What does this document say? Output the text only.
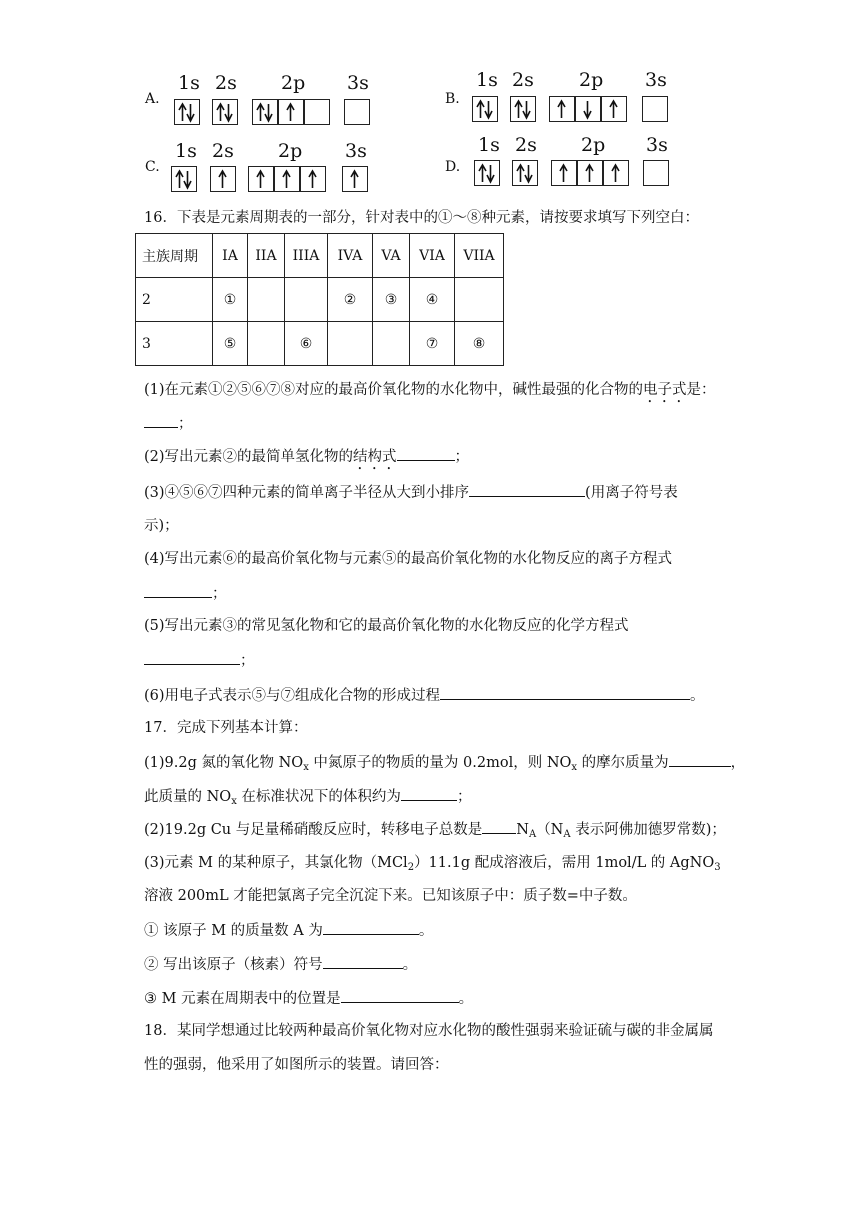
A.
1s 2s 2p 3s
B.
1s 2s 2p 3s
C.
1s 2s 2p 3s
D.
1s 2s 2p 3s
16．下表是元素周期表的一部分，针对表中的①～⑧种元素，请按要求填写下列空白：
主族周期	IA	IIA	IIIA	IVA	VA	VIA	VIIA
2	①			②	③	④	
3	⑤		⑥			⑦	⑧
(1)在元素①②⑤⑥⑦⑧对应的最高价氧化物的水化物中，碱性最强的化合物的电子式是：
；
(2)写出元素②的最简单氢化物的结构式	；
(3)④⑤⑥⑦四种元素的简单离子半径从大到小排序	(用离子符号表
示)；
(4)写出元素⑥的最高价氧化物与元素⑤的最高价氧化物的水化物反应的离子方程式
；
(5)写出元素③的常见氢化物和它的最高价氧化物的水化物反应的化学方程式
；
(6)用电子式表示⑤与⑦组成化合物的形成过程	。
17．完成下列基本计算：
(1)9.2g 氮的氧化物 $NO_x$ 中氮原子的物质的量为 0.2mol，则 $NO_x$ 的摩尔质量为	，
此质量的 $NO_x$ 在标准状况下的体积约为	；
(2)19.2g Cu 与足量稀硝酸反应时，转移电子总数是 $N_A(N_A$ 表示阿佛加德罗常数)；
(3)元素 M 的某种原子，其氯化物（MCl$_2$）11.1g 配成溶液后，需用 1mol/L 的 AgNO$_3$
溶液 200mL 才能把氯离子完全沉淀下来。已知该原子中：质子数=中子数。
① 该原子 M 的质量数 A 为	。
② 写出该原子（核素）符号	。
③ M 元素在周期表中的位置是	。
18．某同学想通过比较两种最高价氧化物对应水化物的酸性强弱来验证硫与碳的非金属属
性的强弱，他采用了如图所示的装置。请回答：
